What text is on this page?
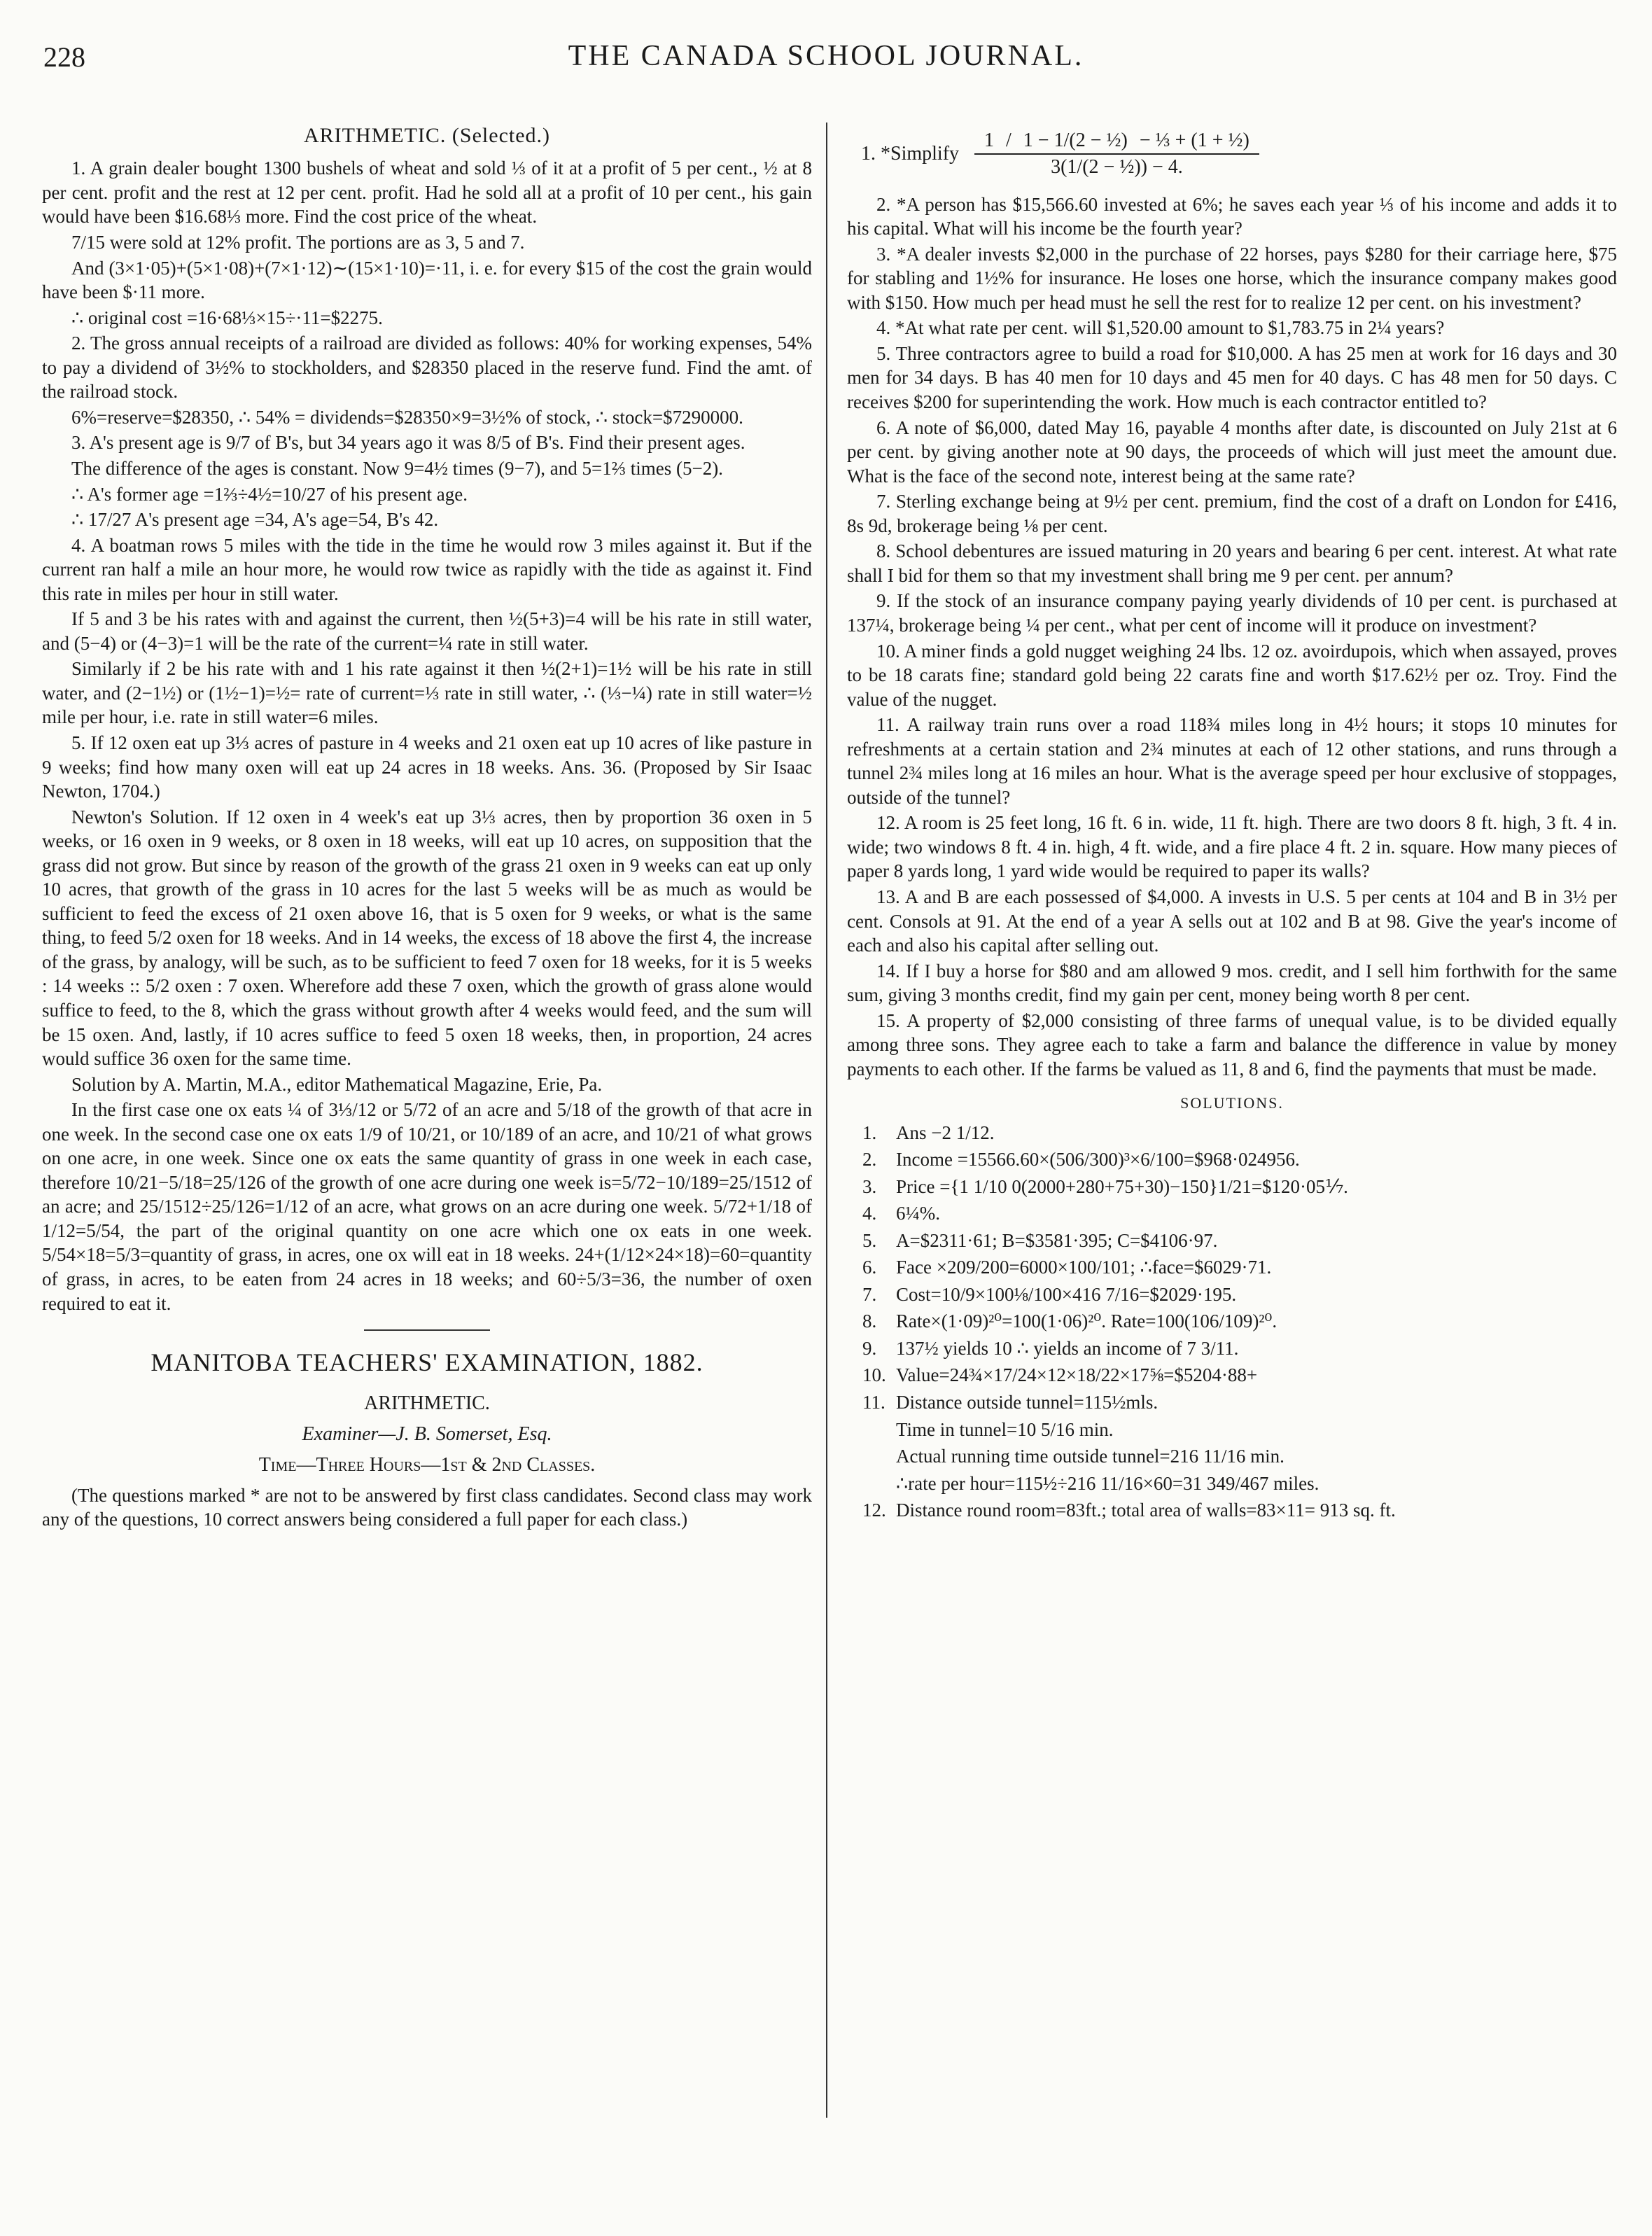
228	THE CANADA SCHOOL JOURNAL.
ARITHMETIC. (Selected.)

1. A grain dealer bought 1300 bushels of wheat and sold ⅓ of it at a profit of 5 per cent., ½ at 8 per cent. profit and the rest at 12 per cent. profit. Had he sold all at a profit of 10 per cent., his gain would have been $16.68⅓ more. Find the cost price of the wheat.

7/15 were sold at 12% profit. The portions are as 3, 5 and 7.

And (3×1·05)+(5×1·08)+(7×1·12)∼(15×1·10)=·11, i. e. for every $15 of the cost the grain would have been $·11 more.

∴ original cost =16·68⅓×15÷·11=$2275.

2. The gross annual receipts of a railroad are divided as follows: 40% for working expenses, 54% to pay a dividend of 3½% to stockholders, and $28350 placed in the reserve fund. Find the amt. of the railroad stock.

6%=reserve=$28350, ∴ 54% = dividends=$28350×9=3½% of stock, ∴ stock=$7290000.

3. A's present age is 9/7 of B's, but 34 years ago it was 8/5 of B's. Find their present ages.

The difference of the ages is constant. Now 9=4½ times (9−7), and 5=1⅔ times (5−2).

∴ A's former age =1⅔÷4½=10/27 of his present age.

∴ 17/27 A's present age =34, A's age=54, B's 42.

4. A boatman rows 5 miles with the tide in the time he would row 3 miles against it. But if the current ran half a mile an hour more, he would row twice as rapidly with the tide as against it. Find this rate in miles per hour in still water.

If 5 and 3 be his rates with and against the current, then ½(5+3)=4 will be his rate in still water, and (5−4) or (4−3)=1 will be the rate of the current=¼ rate in still water.

Similarly if 2 be his rate with and 1 his rate against it then ½(2+1)=1½ will be his rate in still water, and (2−1½) or (1½−1)=½= rate of current=⅓ rate in still water, ∴ (⅓−¼) rate in still water=½ mile per hour, i.e. rate in still water=6 miles.

5. If 12 oxen eat up 3⅓ acres of pasture in 4 weeks and 21 oxen eat up 10 acres of like pasture in 9 weeks; find how many oxen will eat up 24 acres in 18 weeks. Ans. 36. (Proposed by Sir Isaac Newton, 1704.)

Newton's Solution. If 12 oxen in 4 week's eat up 3⅓ acres, then by proportion 36 oxen in 5 weeks, or 16 oxen in 9 weeks, or 8 oxen in 18 weeks, will eat up 10 acres, on supposition that the grass did not grow. But since by reason of the growth of the grass 21 oxen in 9 weeks can eat up only 10 acres, that growth of the grass in 10 acres for the last 5 weeks will be as much as would be sufficient to feed the excess of 21 oxen above 16, that is 5 oxen for 9 weeks, or what is the same thing, to feed 5/2 oxen for 18 weeks. And in 14 weeks, the excess of 18 above the first 4, the increase of the grass, by analogy, will be such, as to be sufficient to feed 7 oxen for 18 weeks, for it is 5 weeks : 14 weeks :: 5/2 oxen : 7 oxen. Wherefore add these 7 oxen, which the growth of grass alone would suffice to feed, to the 8, which the grass without growth after 4 weeks would feed, and the sum will be 15 oxen. And, lastly, if 10 acres suffice to feed 5 oxen 18 weeks, then, in proportion, 24 acres would suffice 36 oxen for the same time.

Solution by A. Martin, M.A., editor Mathematical Magazine, Erie, Pa.

In the first case one ox eats ¼ of 3⅓/12 or 5/72 of an acre and 5/18 of the growth of that acre in one week. In the second case one ox eats 1/9 of 10/21, or 10/189 of an acre, and 10/21 of what grows on one acre, in one week. Since one ox eats the same quantity of grass in one week in each case, therefore 10/21−5/18=25/126 of the growth of one acre during one week is=5/72−10/189=25/1512 of an acre; and 25/1512÷25/126=1/12 of an acre, what grows on an acre during one week. 5/72+1/18 of 1/12=5/54, the part of the original quantity on one acre which one ox eats in one week. 5/54×18=5/3=quantity of grass, in acres, one ox will eat in 18 weeks. 24+(1/12×24×18)=60=quantity of grass, in acres, to be eaten from 24 acres in 18 weeks; and 60÷5/3=36, the number of oxen required to eat it.

MANITOBA TEACHERS' EXAMINATION, 1882.
ARITHMETIC.
Examiner—J. B. Somerset, Esq.
Time—Three Hours—1st & 2nd Classes.

(The questions marked * are not to be answered by first class candidates. Second class may work any of the questions, 10 correct answers being considered a full paper for each class.)

1. *Simplify $\frac{\text{1 / 1 − 1/(2 − ½) − ⅓ + (1 + ½)}}{\text{3(1/(2 − ½)) − 4.}}$

2. *A person has $15,566.60 invested at 6%; he saves each year ⅓ of his income and adds it to his capital. What will his income be the fourth year?

3. *A dealer invests $2,000 in the purchase of 22 horses, pays $280 for their carriage here, $75 for stabling and 1½% for insurance. He loses one horse, which the insurance company makes good with $150. How much per head must he sell the rest for to realize 12 per cent. on his investment?

4. *At what rate per cent. will $1,520.00 amount to $1,783.75 in 2¼ years?

5. Three contractors agree to build a road for $10,000. A has 25 men at work for 16 days and 30 men for 34 days. B has 40 men for 10 days and 45 men for 40 days. C has 48 men for 50 days. C receives $200 for superintending the work. How much is each contractor entitled to?

6. A note of $6,000, dated May 16, payable 4 months after date, is discounted on July 21st at 6 per cent. by giving another note at 90 days, the proceeds of which will just meet the amount due. What is the face of the second note, interest being at the same rate?

7. Sterling exchange being at 9½ per cent. premium, find the cost of a draft on London for £416, 8s 9d, brokerage being ⅛ per cent.

8. School debentures are issued maturing in 20 years and bearing 6 per cent. interest. At what rate shall I bid for them so that my investment shall bring me 9 per cent. per annum?

9. If the stock of an insurance company paying yearly dividends of 10 per cent. is purchased at 137¼, brokerage being ¼ per cent., what per cent of income will it produce on investment?

10. A miner finds a gold nugget weighing 24 lbs. 12 oz. avoirdupois, which when assayed, proves to be 18 carats fine; standard gold being 22 carats fine and worth $17.62½ per oz. Troy. Find the value of the nugget.

11. A railway train runs over a road 118¾ miles long in 4½ hours; it stops 10 minutes for refreshments at a certain station and 2¾ minutes at each of 12 other stations, and runs through a tunnel 2¾ miles long at 16 miles an hour. What is the average speed per hour exclusive of stoppages, outside of the tunnel?

12. A room is 25 feet long, 16 ft. 6 in. wide, 11 ft. high. There are two doors 8 ft. high, 3 ft. 4 in. wide; two windows 8 ft. 4 in. high, 4 ft. wide, and a fire place 4 ft. 2 in. square. How many pieces of paper 8 yards long, 1 yard wide would be required to paper its walls?

13. A and B are each possessed of $4,000. A invests in U.S. 5 per cents at 104 and B in 3½ per cent. Consols at 91. At the end of a year A sells out at 102 and B at 98. Give the year's income of each and also his capital after selling out.

14. If I buy a horse for $80 and am allowed 9 mos. credit, and I sell him forthwith for the same sum, giving 3 months credit, find my gain per cent, money being worth 8 per cent.

15. A property of $2,000 consisting of three farms of unequal value, is to be divided equally among three sons. They agree each to take a farm and balance the difference in value by money payments to each other. If the farms be valued as 11, 8 and 6, find the payments that must be made.

SOLUTIONS.
1. Ans −2 1/12.
2. Income =15566.60×(506/300)³×6/100=$968·024956.
3. Price ={1 1/10 0(2000+280+75+30)−150}1/21=$120·05⅐.
4. 6¼%.
5. A=$2311·61; B=$3581·395; C=$4106·97.
6. Face ×209/200=6000×100/101; ∴face=$6029·71.
7. Cost=10/9×100⅛/100×416 7/16=$2029·195.
8. Rate×(1·09)²⁰=100(1·06)²⁰. Rate=100(106/109)²⁰.
9. 137½ yields 10 ∴ yields an income of 7 3/11.
10. Value=24¾×17/24×12×18/22×17⅝=$5204·88+
11. Distance outside tunnel=115½mls.
Time in tunnel=10 5/16 min.
Actual running time outside tunnel=216 11/16 min.
∴rate per hour=115½÷216 11/16×60=31 349/467 miles.
12. Distance round room=83ft.; total area of walls=83×11= 913 sq. ft.
